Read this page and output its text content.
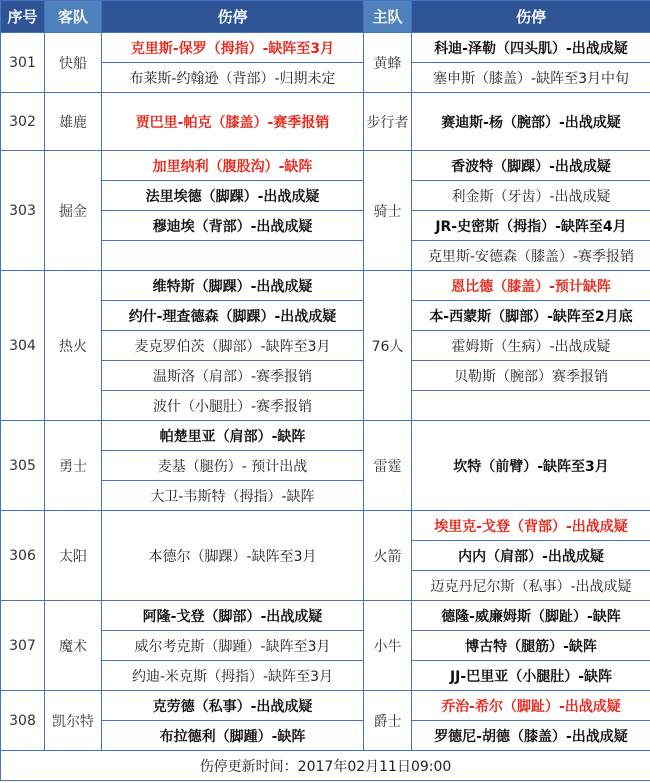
序号	客队	伤停	主队	伤停
301	快船	克里斯-保罗（拇指）-缺阵至3月	黄蜂	科迪-泽勒（四头肌）-出战成疑
		布莱斯-约翰逊（背部）-归期未定		塞申斯（膝盖）-缺阵至3月中旬
302	雄鹿	贾巴里-帕克（膝盖）-赛季报销	步行者	赛迪斯-杨（腕部）-出战成疑
303	掘金	加里纳利（腹股沟）-缺阵	骑士	香波特（脚踝）-出战成疑
		法里埃德（脚踝）-出战成疑		利金斯（牙齿）-出战成疑
		穆迪埃（背部）-出战成疑		JR-史密斯（拇指）-缺阵至4月
				克里斯-安德森（膝盖）-赛季报销
304	热火	维特斯（脚踝）-出战成疑	76人	恩比德（膝盖）-预计缺阵
		约什-理查德森（脚踝）-出战成疑		本-西蒙斯（脚部）-缺阵至2月底
		麦克罗伯茨（脚部）-缺阵至3月		霍姆斯（生病）-出战成疑
		温斯洛（肩部）-赛季报销		贝勒斯（腕部）赛季报销
		波什（小腿肚）-赛季报销		
305	勇士	帕楚里亚（肩部）-缺阵	雷霆	坎特（前臂）-缺阵至3月
		麦基（腿伤）- 预计出战		
		大卫-韦斯特（拇指）-缺阵		
306	太阳	本德尔（脚踝）-缺阵至3月	火箭	埃里克-戈登（背部）-出战成疑
				内内（肩部）-出战成疑
				迈克丹尼尔斯（私事）-出战成疑
307	魔术	阿隆-戈登（脚部）-出战成疑	小牛	德隆-威廉姆斯（脚趾）-缺阵
		威尔考克斯（脚踵）-缺阵至3月		博古特（腿筋）-缺阵
		约迪-米克斯（拇指）-缺阵至3月		JJ-巴里亚（小腿肚）-缺阵
308	凯尔特	克劳德（私事）-出战成疑	爵士	乔治-希尔（脚趾）-出战成疑
		布拉德利（脚踵）-缺阵		罗德尼-胡德（膝盖）-出战成疑
伤停更新时间：2017年02月11日09:00				
